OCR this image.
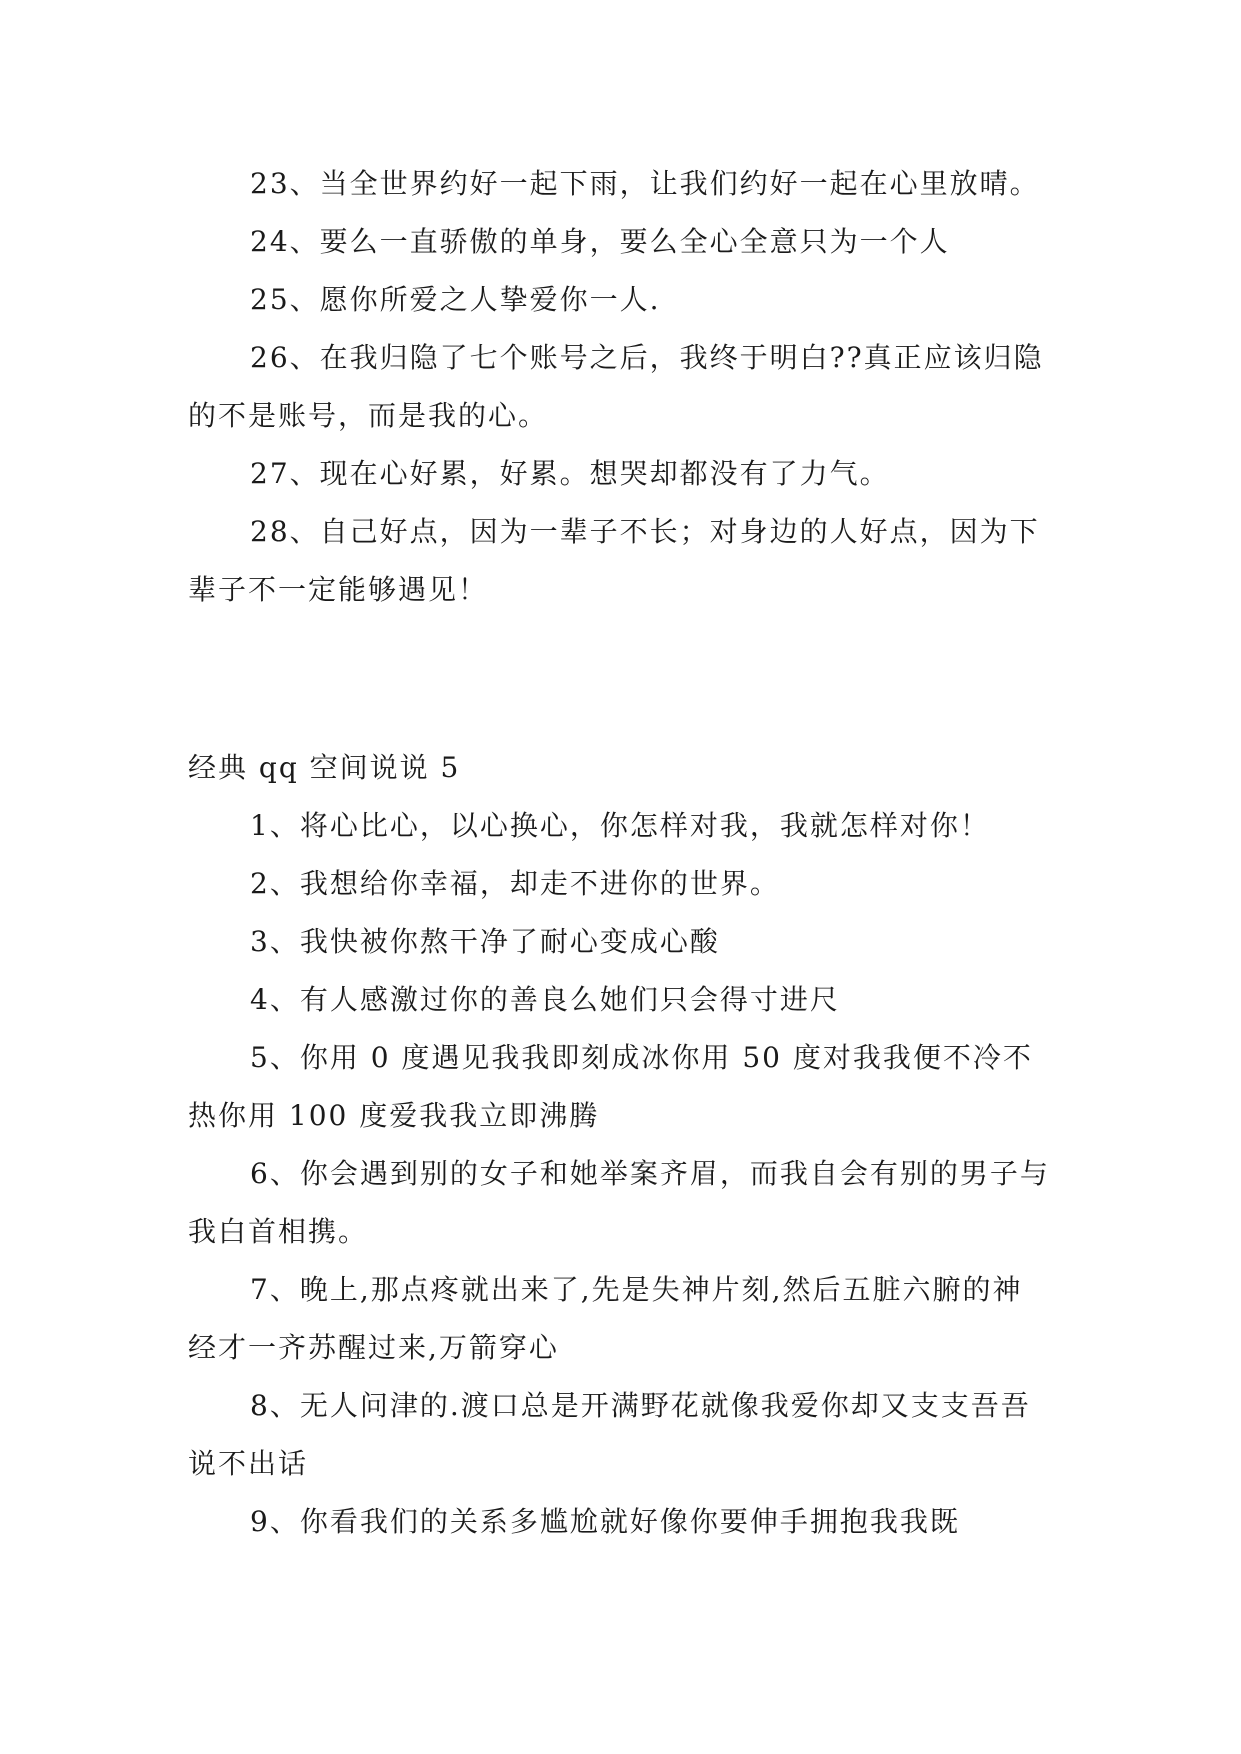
23、当全世界约好一起下雨，让我们约好一起在心里放晴。

24、要么一直骄傲的单身，要么全心全意只为一个人

25、愿你所爱之人挚爱你一人.

26、在我归隐了七个账号之后，我终于明白??真正应该归隐的不是账号，而是我的心。

27、现在心好累，好累。想哭却都没有了力气。

28、自己好点，因为一辈子不长；对身边的人好点，因为下辈子不一定能够遇见！

经典 qq 空间说说 5

1、将心比心，以心换心，你怎样对我，我就怎样对你！

2、我想给你幸福，却走不进你的世界。

3、我快被你熬干净了耐心变成心酸

4、有人感激过你的善良么她们只会得寸进尺

5、你用 0 度遇见我我即刻成冰你用 50 度对我我便不冷不热你用 100 度爱我我立即沸腾

6、你会遇到别的女子和她举案齐眉，而我自会有别的男子与我白首相携。

7、晚上,那点疼就出来了,先是失神片刻,然后五脏六腑的神经才一齐苏醒过来,万箭穿心

8、无人问津的.渡口总是开满野花就像我爱你却又支支吾吾说不出话

9、你看我们的关系多尴尬就好像你要伸手拥抱我我既
